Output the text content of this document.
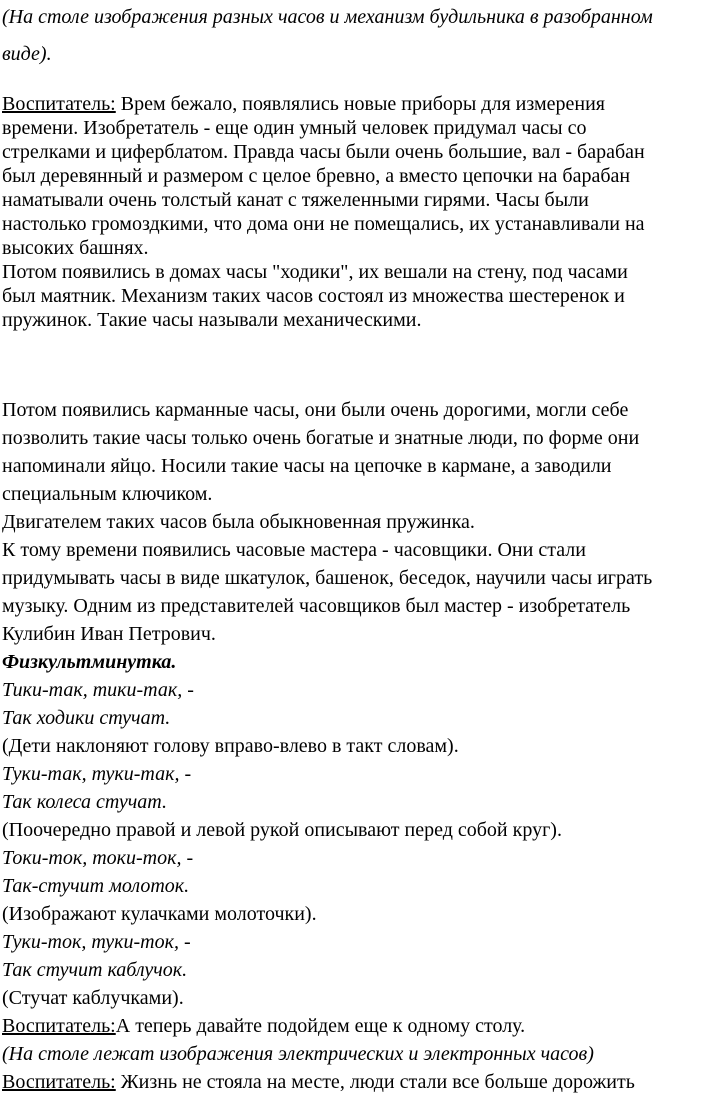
(На столе изображения разных часов и механизм будильника в разобранном
виде).
Воспитатель: Врем бежало, появлялись новые приборы для измерения
времени. Изобретатель - еще один умный человек придумал часы со
стрелками и циферблатом. Правда часы были очень большие, вал - барабан
был деревянный и размером с целое бревно, а вместо цепочки на барабан
наматывали очень толстый канат с тяжеленными гирями. Часы были
настолько громоздкими, что дома они не помещались, их устанавливали на
высоких башнях.
Потом появились в домах часы "ходики", их вешали на стену, под часами
был маятник. Механизм таких часов состоял из множества шестеренок и
пружинок. Такие часы называли механическими.
Потом появились карманные часы, они были очень дорогими, могли себе
позволить такие часы только очень богатые и знатные люди, по форме они
напоминали яйцо. Носили такие часы на цепочке в кармане, а заводили
специальным ключиком.
Двигателем таких часов была обыкновенная пружинка.
К тому времени появились часовые мастера - часовщики. Они стали
придумывать часы в виде шкатулок, башенок, беседок, научили часы играть
музыку. Одним из представителей часовщиков был мастер - изобретатель
Кулибин Иван Петрович.
Физкультминутка.
Тики-так, тики-так, -
Так ходики стучат.
(Дети наклоняют голову вправо-влево в такт словам).
Туки-так, туки-так, -
Так колеса стучат.
(Поочередно правой и левой рукой описывают перед собой круг).
Токи-ток, токи-ток, -
Так-стучит молоток.
(Изображают кулачками молоточки).
Туки-ток, туки-ток, -
Так стучит каблучок.
(Стучат каблучками).
Воспитатель:А теперь давайте подойдем еще к одному столу.
(На столе лежат изображения электрических и электронных часов)
Воспитатель: Жизнь не стояла на месте, люди стали все больше дорожить
